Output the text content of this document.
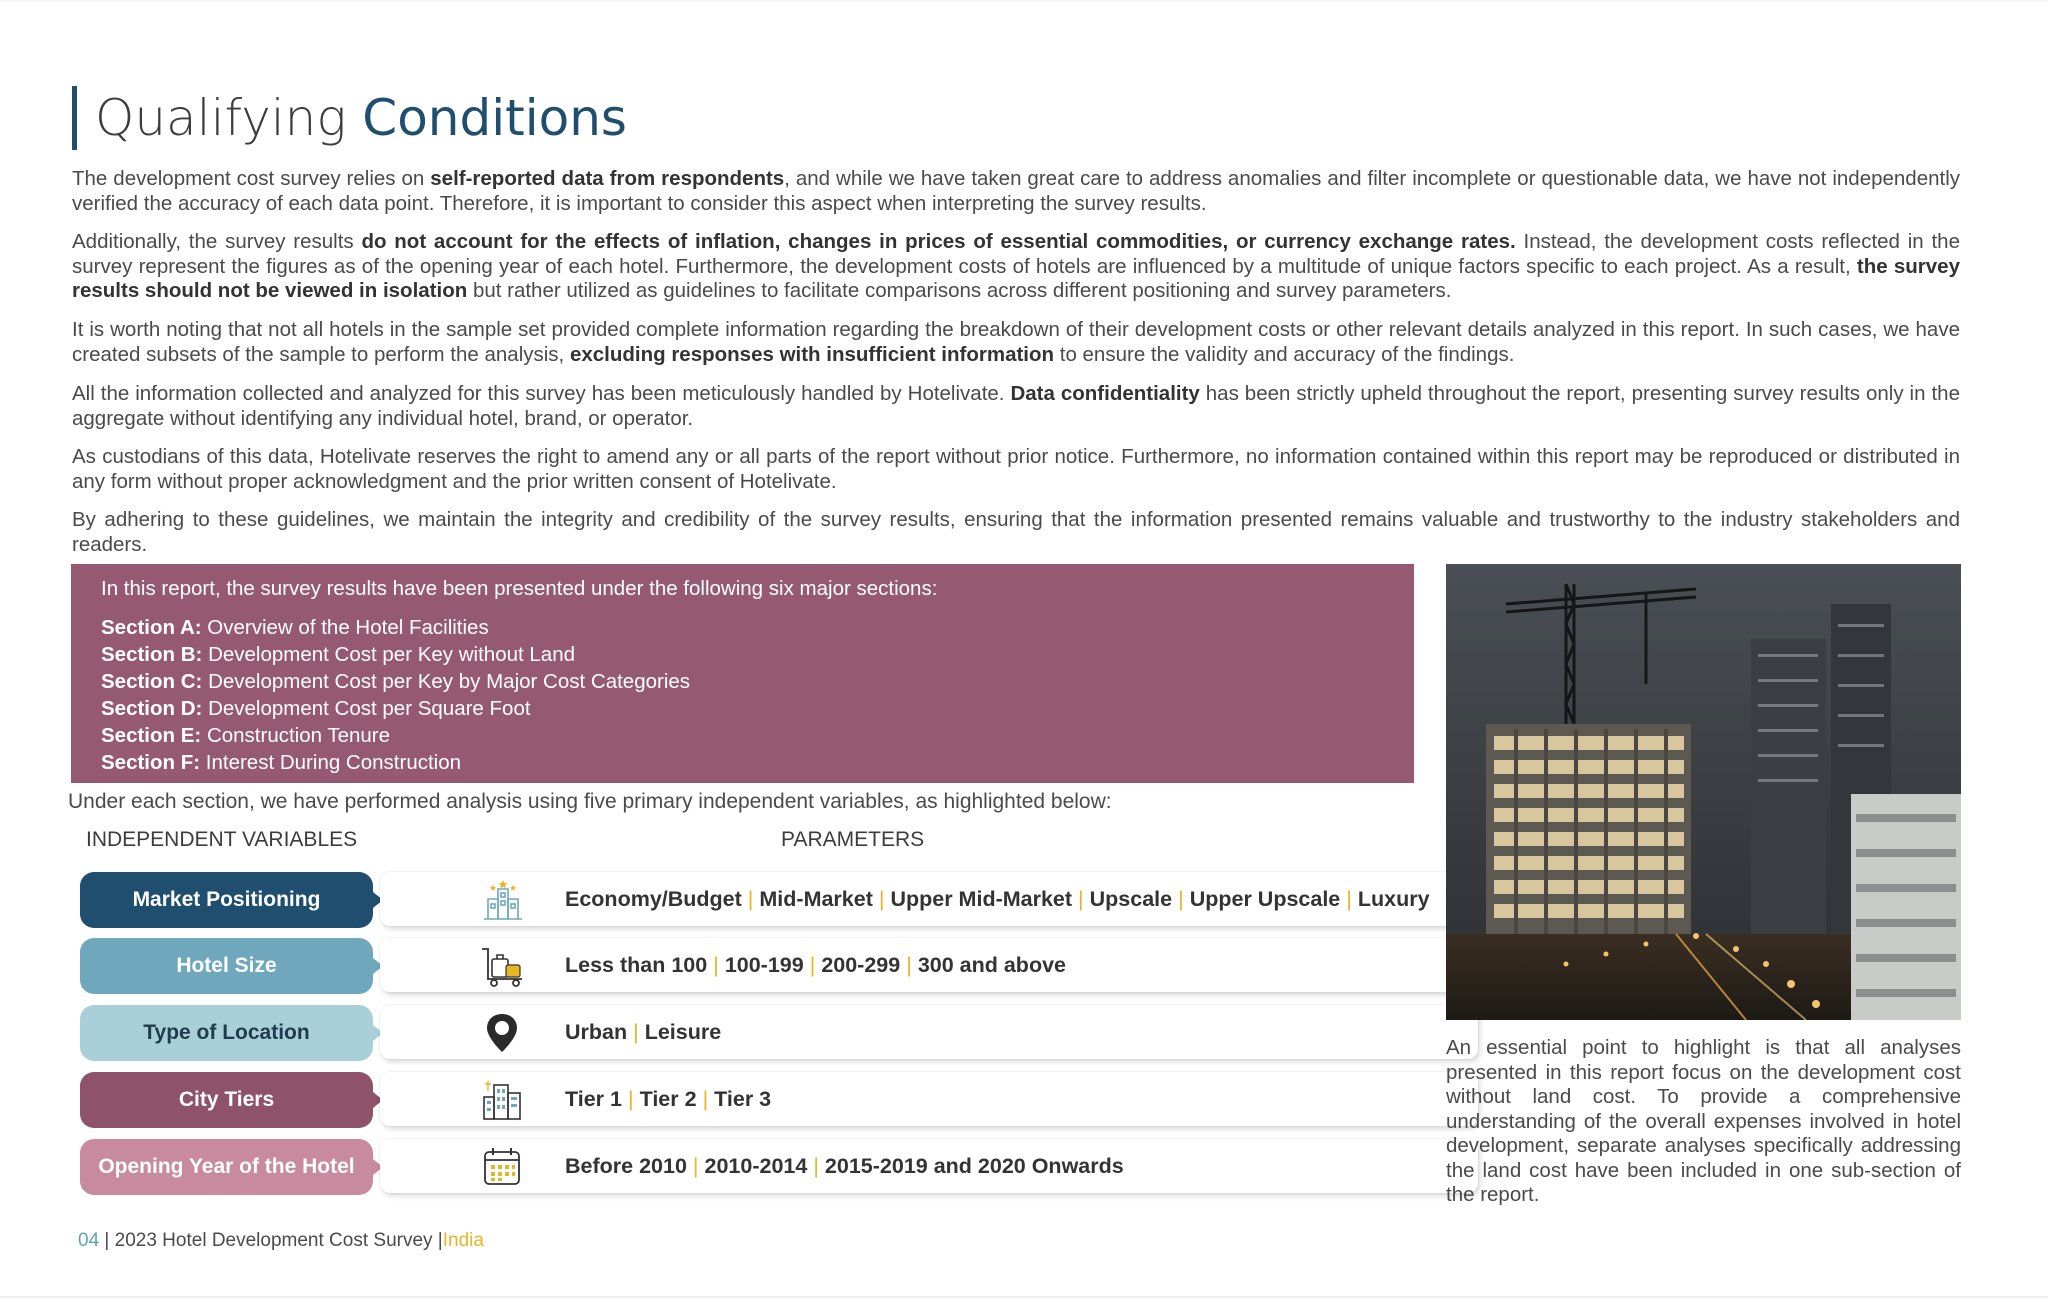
Qualifying Conditions

The development cost survey relies on self-reported data from respondents, and while we have taken great care to address anomalies and filter incomplete or questionable data, we have not independently verified the accuracy of each data point. Therefore, it is important to consider this aspect when interpreting the survey results.

Additionally, the survey results do not account for the effects of inflation, changes in prices of essential commodities, or currency exchange rates. Instead, the development costs reflected in the survey represent the figures as of the opening year of each hotel. Furthermore, the development costs of hotels are influenced by a multitude of unique factors specific to each project. As a result, the survey results should not be viewed in isolation but rather utilized as guidelines to facilitate comparisons across different positioning and survey parameters.

It is worth noting that not all hotels in the sample set provided complete information regarding the breakdown of their development costs or other relevant details analyzed in this report. In such cases, we have created subsets of the sample to perform the analysis, excluding responses with insufficient information to ensure the validity and accuracy of the findings.

All the information collected and analyzed for this survey has been meticulously handled by Hotelivate. Data confidentiality has been strictly upheld throughout the report, presenting survey results only in the aggregate without identifying any individual hotel, brand, or operator.

As custodians of this data, Hotelivate reserves the right to amend any or all parts of the report without prior notice. Furthermore, no information contained within this report may be reproduced or distributed in any form without proper acknowledgment and the prior written consent of Hotelivate.

By adhering to these guidelines, we maintain the integrity and credibility of the survey results, ensuring that the information presented remains valuable and trustworthy to the industry stakeholders and readers.

In this report, the survey results have been presented under the following six major sections:
Section A: Overview of the Hotel Facilities
Section B: Development Cost per Key without Land
Section C: Development Cost per Key by Major Cost Categories
Section D: Development Cost per Square Foot
Section E: Construction Tenure
Section F: Interest During Construction
Under each section, we have performed analysis using five primary independent variables, as highlighted below:
INDEPENDENT VARIABLES	PARAMETERS
Market Positioning	Economy/Budget | Mid-Market | Upper Mid-Market | Upscale | Upper Upscale | Luxury
Hotel Size	Less than 100 | 100-199 | 200-299 | 300 and above
Type of Location	Urban | Leisure
City Tiers	Tier 1 | Tier 2 | Tier 3
Opening Year of the Hotel	Before 2010 | 2010-2014 | 2015-2019 and 2020 Onwards

An essential point to highlight is that all analyses presented in this report focus on the development cost without land cost. To provide a comprehensive understanding of the overall expenses involved in hotel development, separate analyses specifically addressing the land cost have been included in one sub-section of the report.

04 | 2023 Hotel Development Cost Survey |India
